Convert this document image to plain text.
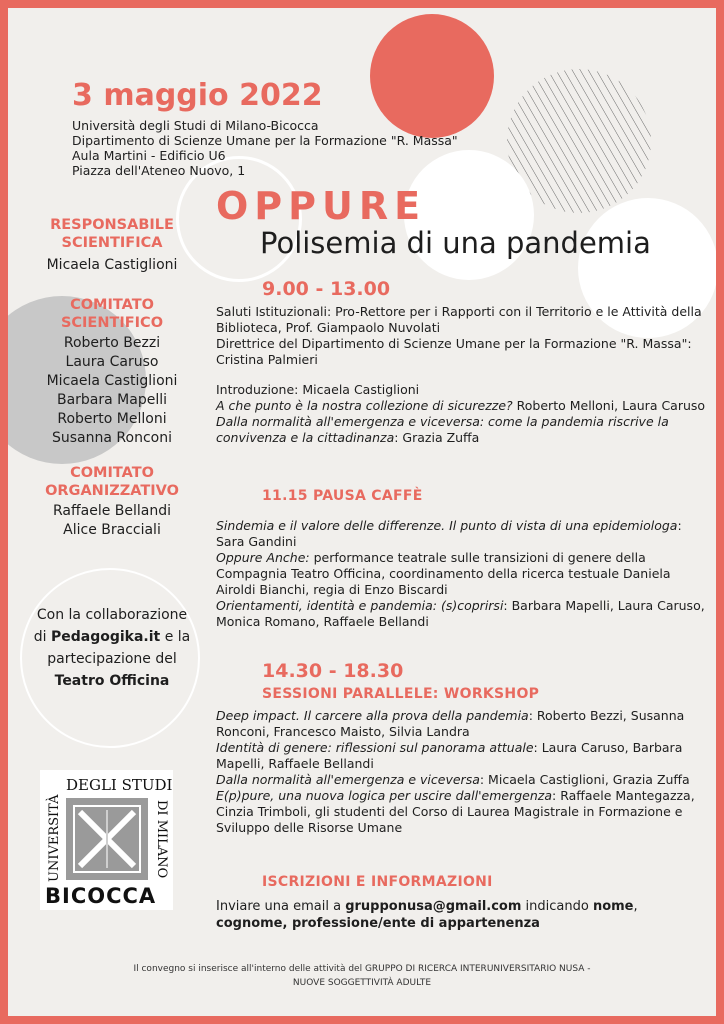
3 maggio 2022
Università degli Studi di Milano-Bicocca
Dipartimento di Scienze Umane per la Formazione "R. Massa"
Aula Martini - Edificio U6
Piazza dell'Ateneo Nuovo, 1
OPPURE
Polisemia di una pandemia
RESPONSABILE
SCIENTIFICA
Micaela Castiglioni
COMITATO
SCIENTIFICO
Roberto Bezzi
Laura Caruso
Micaela Castiglioni
Barbara Mapelli
Roberto Melloni
Susanna Ronconi
COMITATO
ORGANIZZATIVO
Raffaele Bellandi
Alice Bracciali
Con la collaborazione
di Pedagogika.it e la
partecipazione del
Teatro Officina
DEGLI STUDI
UNIVERSITÀ	DI MILANO
BICOCCA
9.00 - 13.00
Saluti Istituzionali: Pro-Rettore per i Rapporti con il Territorio e le Attività della Biblioteca, Prof. Giampaolo Nuvolati
Direttrice del Dipartimento di Scienze Umane per la Formazione "R. Massa": Cristina Palmieri
Introduzione: Micaela Castiglioni
A che punto è la nostra collezione di sicurezze? Roberto Melloni, Laura Caruso
Dalla normalità all'emergenza e viceversa: come la pandemia riscrive la convivenza e la cittadinanza: Grazia Zuffa
11.15 PAUSA CAFFÈ
Sindemia e il valore delle differenze. Il punto di vista di una epidemiologa: Sara Gandini
Oppure Anche: performance teatrale sulle transizioni di genere della Compagnia Teatro Officina, coordinamento della ricerca testuale Daniela Airoldi Bianchi, regia di Enzo Biscardi
Orientamenti, identità e pandemia: (s)coprirsi: Barbara Mapelli, Laura Caruso, Monica Romano, Raffaele Bellandi
14.30 - 18.30
SESSIONI PARALLELE: WORKSHOP
Deep impact. Il carcere alla prova della pandemia: Roberto Bezzi, Susanna Ronconi, Francesco Maisto, Silvia Landra
Identità di genere: riflessioni sul panorama attuale: Laura Caruso, Barbara Mapelli, Raffaele Bellandi
Dalla normalità all'emergenza e viceversa: Micaela Castiglioni, Grazia Zuffa
E(p)pure, una nuova logica per uscire dall'emergenza: Raffaele Mantegazza, Cinzia Trimboli, gli studenti del Corso di Laurea Magistrale in Formazione e Sviluppo delle Risorse Umane
ISCRIZIONI E INFORMAZIONI
Inviare una email a grupponusa@gmail.com indicando nome,
cognome, professione/ente di appartenenza
Il convegno si inserisce all'interno delle attività del GRUPPO DI RICERCA INTERUNIVERSITARIO NUSA -
NUOVE SOGGETTIVITÀ ADULTE
